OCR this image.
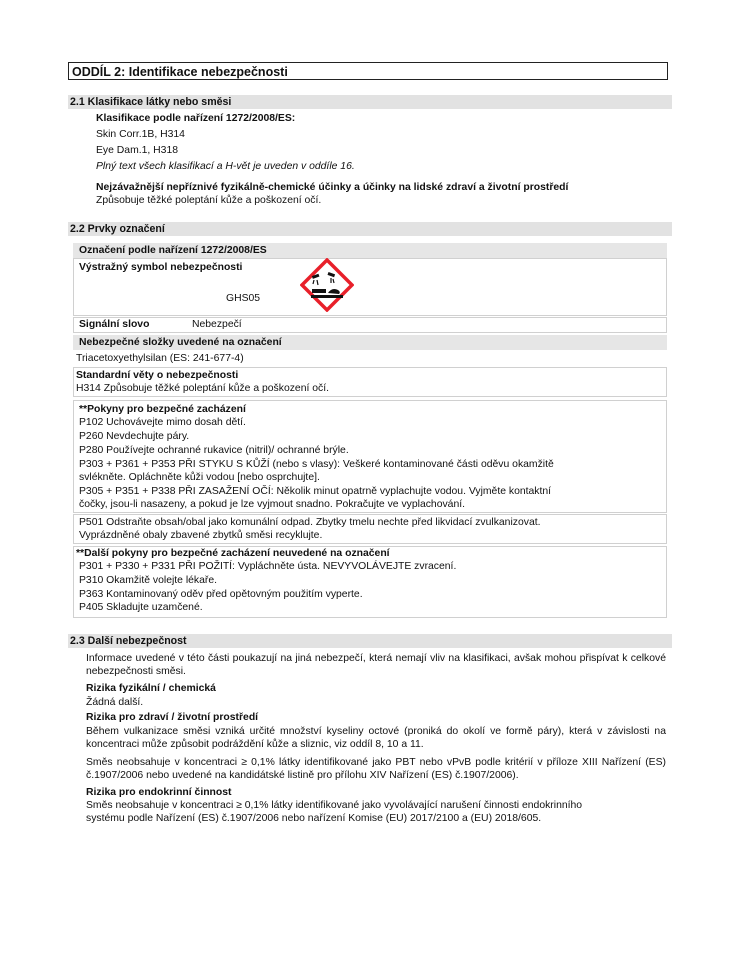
ODDÍL 2: Identifikace nebezpečnosti
2.1 Klasifikace látky nebo směsi
Klasifikace podle nařízení 1272/2008/ES:
Skin Corr.1B, H314
Eye Dam.1, H318
Plný text všech klasifikací a H-vět je uveden v oddíle 16.
Nejzávažnější nepříznivé fyzikálně-chemické účinky a účinky na lidské zdraví a životní prostředí
Způsobuje těžké poleptání kůže a poškození očí.
2.2 Prvky označení
Označení podle nařízení 1272/2008/ES
Výstražný symbol nebezpečnosti
GHS05
Signální slovo	Nebezpečí
Nebezpečné složky uvedené na označení
Triacetoxyethylsilan (ES: 241-677-4)
Standardní věty o nebezpečnosti
H314 Způsobuje těžké poleptání kůže a poškození očí.
**Pokyny pro bezpečné zacházení
P102 Uchovávejte mimo dosah dětí.
P260 Nevdechujte páry.
P280 Používejte ochranné rukavice (nitril)/ ochranné brýle.
P303 + P361 + P353 PŘI STYKU S KŮŽÍ (nebo s vlasy): Veškeré kontaminované části oděvu okamžitě
svlékněte. Opláchněte kůži vodou [nebo osprchujte].
P305 + P351 + P338 PŘI ZASAŽENÍ OČÍ: Několik minut opatrně vyplachujte vodou. Vyjměte kontaktní
čočky, jsou-li nasazeny, a pokud je lze vyjmout snadno. Pokračujte ve vyplachování.
P501 Odstraňte obsah/obal jako komunální odpad. Zbytky tmelu nechte před likvidací zvulkanizovat.
Vyprázdněné obaly zbavené zbytků směsi recyklujte.
**Další pokyny pro bezpečné zacházení neuvedené na označení
P301 + P330 + P331 PŘI POŽITÍ: Vypláchněte ústa. NEVYVOLÁVEJTE zvracení.
P310 Okamžitě volejte lékaře.
P363 Kontaminovaný oděv před opětovným použitím vyperte.
P405 Skladujte uzamčené.
2.3 Další nebezpečnost
Informace uvedené v této části poukazují na jiná nebezpečí, která nemají vliv na klasifikaci, avšak mohou přispívat k celkové nebezpečnosti směsi.
Rizika fyzikální / chemická
Žádná další.
Rizika pro zdraví / životní prostředí
Během vulkanizace směsi vzniká určité množství kyseliny octové (proniká do okolí ve formě páry), která v závislosti na koncentraci může způsobit podráždění kůže a sliznic, viz oddíl 8, 10 a 11.
Směs neobsahuje v koncentraci ≥ 0,1% látky identifikované jako PBT nebo vPvB podle kritérií v příloze XIII Nařízení (ES) č.1907/2006 nebo uvedené na kandidátské listině pro přílohu XIV Nařízení (ES) č.1907/2006).
Rizika pro endokrinní činnost
Směs neobsahuje v koncentraci ≥ 0,1% látky identifikované jako vyvolávající narušení činnosti endokrinního
systému podle Nařízení (ES) č.1907/2006 nebo nařízení Komise (EU) 2017/2100 a (EU) 2018/605.
